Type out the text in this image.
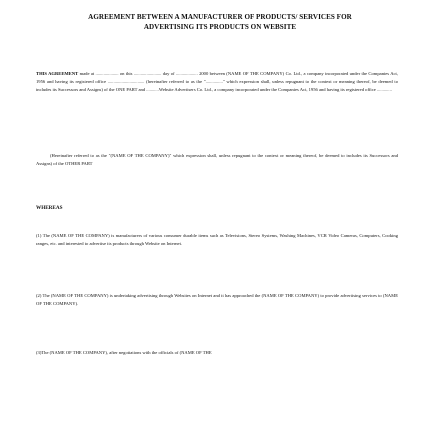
AGREEMENT BETWEEN A MANUFACTURER OF PRODUCTS/ SERVICES FOR
ADVERTISING ITS PRODUCTS ON WEBSITE
THIS AGREEMENT made at .................... on this ........................ day of ................... 2000 between (NAME OF THE COMPANY) Co. Ltd., a company incorporated under the Companies Act, 1956 and having its registered office ................................ (hereinafter referred to as the "..............." which expression shall, unless repugnant to the context or meaning thereof, be deemed to includes its Successors and Assigns) of the ONE PART and ...........Website Advertisers Co. Ltd., a company incorporated under the Companies Act, 1956 and having its registered office .............
(Hereinafter referred to as the "(NAME OF THE COMPANY)" which expression shall, unless repugnant to the context or meaning thereof, be deemed to includes its Successors and Assigns) of the OTHER PART
WHEREAS
(1) The (NAME OF THE COMPANY) is manufacturers of various consumer durable items such as Televisions, Stereo Systems, Washing Machines, VCR Video Cameras, Computers, Cooking ranges, etc. and interested to advertise its products through Website on Internet.
(2) The (NAME OF THE COMPANY) is undertaking advertising through Websites on Internet and it has approached the (NAME OF THE COMPANY) to provide advertising services to (NAME OF THE COMPANY).
(3)The (NAME OF THE COMPANY), after negotiations with the officials of (NAME OF THE
